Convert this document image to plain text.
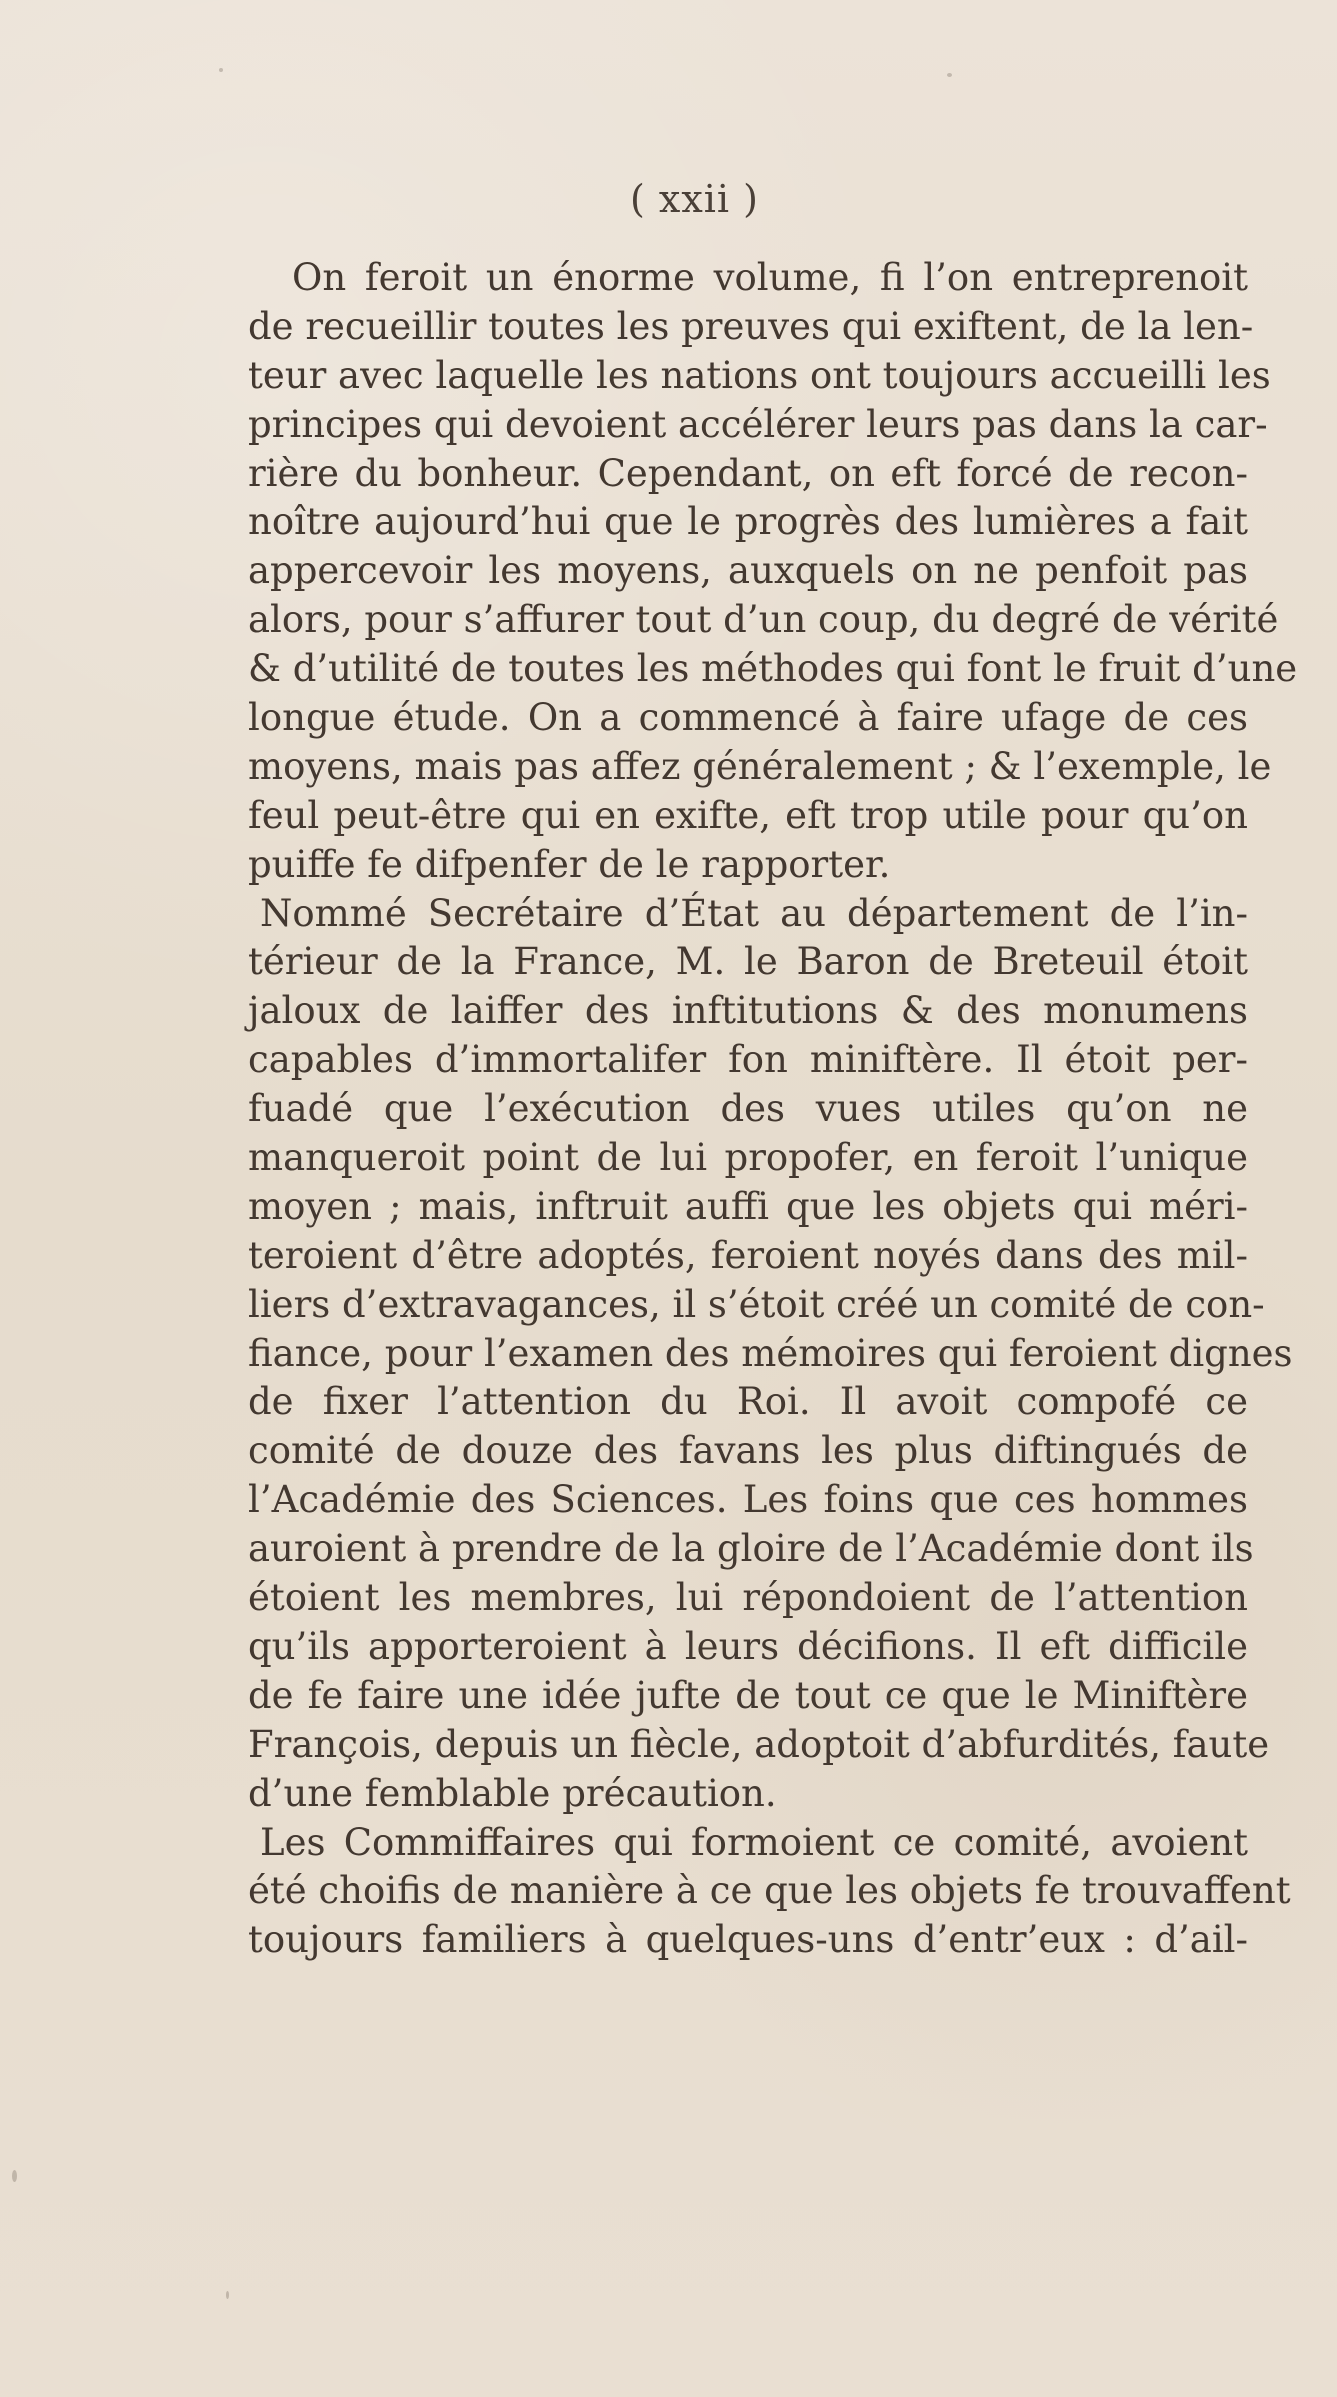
( xxii )
On feroit un énorme volume, fi l’on entreprenoit
de recueillir toutes les preuves qui exiftent, de la len-
teur avec laquelle les nations ont toujours accueilli les
principes qui devoient accélérer leurs pas dans la car-
rière du bonheur. Cependant, on eft forcé de recon-
noître aujourd’hui que le progrès des lumières a fait
appercevoir les moyens, auxquels on ne penfoit pas
alors, pour s’affurer tout d’un coup, du degré de vérité
& d’utilité de toutes les méthodes qui font le fruit d’une
longue étude. On a commencé à faire ufage de ces
moyens, mais pas affez généralement ; & l’exemple, le
feul peut-être qui en exifte, eft trop utile pour qu’on
puiffe fe difpenfer de le rapporter.
Nommé Secrétaire d’État au département de l’in-
térieur de la France, M. le Baron de Breteuil étoit
jaloux de laiffer des inftitutions & des monumens
capables d’immortalifer fon miniftère. Il étoit per-
fuadé que l’exécution des vues utiles qu’on ne
manqueroit point de lui propofer, en feroit l’unique
moyen ; mais, inftruit auffi que les objets qui méri-
teroient d’être adoptés, feroient noyés dans des mil-
liers d’extravagances, il s’étoit créé un comité de con-
fiance, pour l’examen des mémoires qui feroient dignes
de fixer l’attention du Roi. Il avoit compofé ce
comité de douze des favans les plus diftingués de
l’Académie des Sciences. Les foins que ces hommes
auroient à prendre de la gloire de l’Académie dont ils
étoient les membres, lui répondoient de l’attention
qu’ils apporteroient à leurs décifions. Il eft difficile
de fe faire une idée jufte de tout ce que le Miniftère
François, depuis un fiècle, adoptoit d’abfurdités, faute
d’une femblable précaution.
Les Commiffaires qui formoient ce comité, avoient
été choifis de manière à ce que les objets fe trouvaffent
toujours familiers à quelques-uns d’entr’eux : d’ail-
